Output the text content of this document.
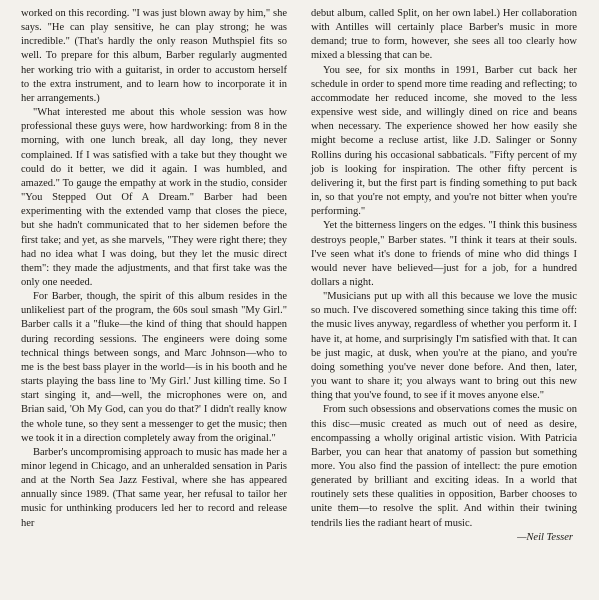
worked on this recording. "I was just blown away by him," she says. "He can play sensitive, he can play strong; he was incredible." (That's hardly the only reason Muthspiel fits so well. To prepare for this album, Barber regularly augmented her working trio with a guitarist, in order to accustom herself to the extra instrument, and to learn how to incorporate it in her arrangements.)

"What interested me about this whole session was how professional these guys were, how hardworking: from 8 in the morning, with one lunch break, all day long, they never complained. If I was satisfied with a take but they thought we could do it better, we did it again. I was humbled, and amazed." To gauge the empathy at work in the studio, consider "You Stepped Out Of A Dream." Barber had been experimenting with the extended vamp that closes the piece, but she hadn't communicated that to her sidemen before the first take; and yet, as she marvels, "They were right there; they had no idea what I was doing, but they let the music direct them": they made the adjustments, and that first take was the only one needed.

For Barber, though, the spirit of this album resides in the unlikeliest part of the program, the 60s soul smash "My Girl." Barber calls it a "fluke—the kind of thing that should happen during recording sessions. The engineers were doing some technical things between songs, and Marc Johnson—who to me is the best bass player in the world—is in his booth and he starts playing the bass line to 'My Girl.' Just killing time. So I start singing it, and—well, the microphones were on, and Brian said, 'Oh My God, can you do that?' I didn't really know the whole tune, so they sent a messenger to get the music; then we took it in a direction completely away from the original."

Barber's uncompromising approach to music has made her a minor legend in Chicago, and an unheralded sensation in Paris and at the North Sea Jazz Festival, where she has appeared annually since 1989. (That same year, her refusal to tailor her music for unthinking producers led her to record and release her

debut album, called Split, on her own label.) Her collaboration with Antilles will certainly place Barber's music in more demand; true to form, however, she sees all too clearly how mixed a blessing that can be.

You see, for six months in 1991, Barber cut back her schedule in order to spend more time reading and reflecting; to accommodate her reduced income, she moved to the less expensive west side, and willingly dined on rice and beans when necessary. The experience showed her how easily she might become a recluse artist, like J.D. Salinger or Sonny Rollins during his occasional sabbaticals. "Fifty percent of my job is looking for inspiration. The other fifty percent is delivering it, but the first part is finding something to put back in, so that you're not empty, and you're not bitter when you're performing."

Yet the bitterness lingers on the edges. "I think this business destroys people," Barber states. "I think it tears at their souls. I've seen what it's done to friends of mine who did things I would never have believed—just for a job, for a hundred dollars a night.

"Musicians put up with all this because we love the music so much. I've discovered something since taking this time off: the music lives anyway, regardless of whether you perform it. I have it, at home, and surprisingly I'm satisfied with that. It can be just magic, at dusk, when you're at the piano, and you're doing something you've never done before. And then, later, you want to share it; you always want to bring out this new thing that you've found, to see if it moves anyone else."

From such obsessions and observations comes the music on this disc—music created as much out of need as desire, encompassing a wholly original artistic vision. With Patricia Barber, you can hear that anatomy of passion but something more. You also find the passion of intellect: the pure emotion generated by brilliant and exciting ideas. In a world that routinely sets these qualities in opposition, Barber chooses to unite them—to resolve the split. And within their twining tendrils lies the radiant heart of music.

—Neil Tesser
